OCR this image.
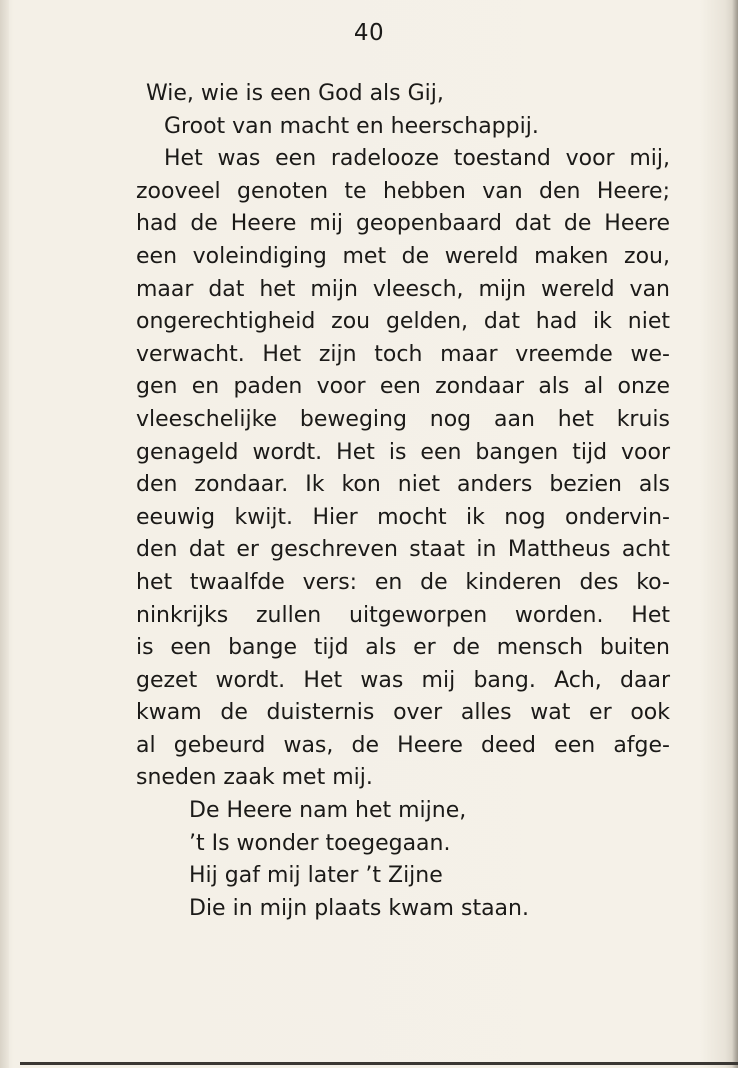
40
Wie, wie is een God als Gij,
Groot van macht en heerschappij.
Het was een radelooze toestand voor mij,
zooveel genoten te hebben van den Heere;
had de Heere mij geopenbaard dat de Heere
een voleindiging met de wereld maken zou,
maar dat het mijn vleesch, mijn wereld van
ongerechtigheid zou gelden, dat had ik niet
verwacht. Het zijn toch maar vreemde we-
gen en paden voor een zondaar als al onze
vleeschelijke beweging nog aan het kruis
genageld wordt. Het is een bangen tijd voor
den zondaar. Ik kon niet anders bezien als
eeuwig kwijt. Hier mocht ik nog ondervin-
den dat er geschreven staat in Mattheus acht
het twaalfde vers: en de kinderen des ko-
ninkrijks zullen uitgeworpen worden. Het
is een bange tijd als er de mensch buiten
gezet wordt. Het was mij bang. Ach, daar
kwam de duisternis over alles wat er ook
al gebeurd was, de Heere deed een afge-
sneden zaak met mij.
De Heere nam het mijne,
’t Is wonder toegegaan.
Hij gaf mij later ’t Zijne
Die in mijn plaats kwam staan.
